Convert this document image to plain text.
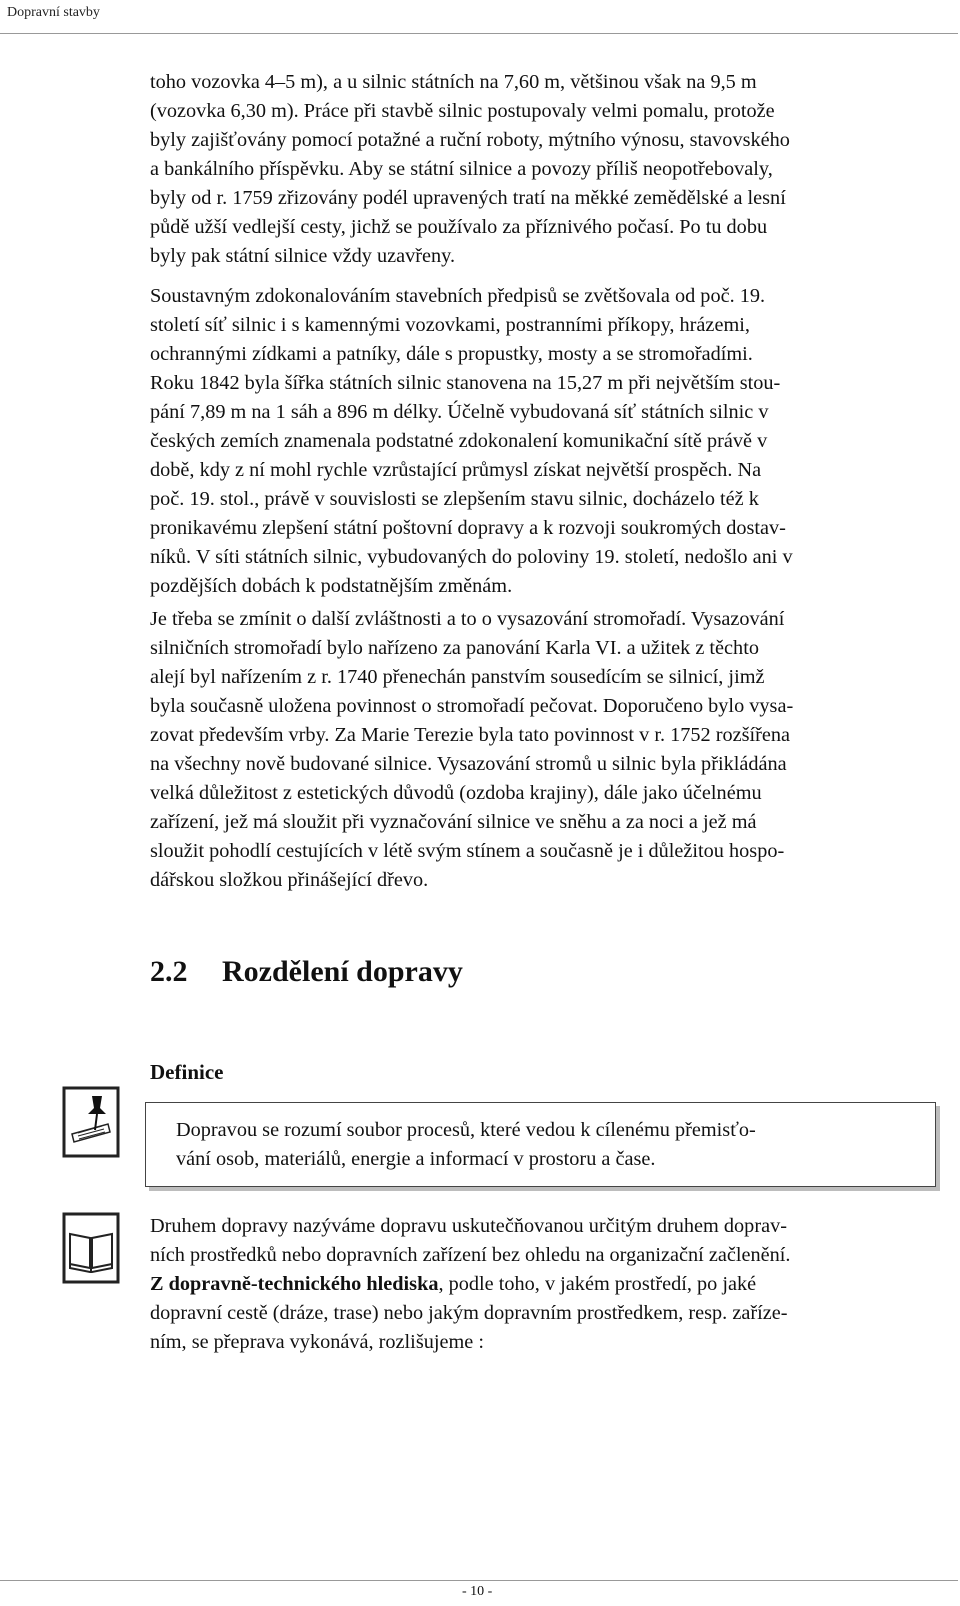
Dopravní stavby
toho vozovka 4–5 m), a u silnic státních na 7,60 m, většinou však na 9,5 m
(vozovka 6,30 m). Práce při stavbě silnic postupovaly velmi pomalu, protože
byly zajišťovány pomocí potažné a ruční roboty, mýtního výnosu, stavovského
a bankálního příspěvku. Aby se státní silnice a povozy příliš neopotřebovaly,
byly od r. 1759 zřizovány podél upravených tratí na měkké zemědělské a lesní
půdě užší vedlejší cesty, jichž se používalo za příznivého počasí. Po tu dobu
byly pak státní silnice vždy uzavřeny.
Soustavným zdokonalováním stavebních předpisů se zvětšovala od poč. 19.
století síť silnic i s kamennými vozovkami, postranními příkopy, hrázemi,
ochrannými zídkami a patníky, dále s propustky, mosty a se stromořadími.
Roku 1842 byla šířka státních silnic stanovena na 15,27 m při největším stou-
pání 7,89 m na 1 sáh a 896 m délky. Účelně vybudovaná síť státních silnic v
českých zemích znamenala podstatné zdokonalení komunikační sítě právě v
době, kdy z ní mohl rychle vzrůstající průmysl získat největší prospěch. Na
poč. 19. stol., právě v souvislosti se zlepšením stavu silnic, docházelo též k
pronikavému zlepšení státní poštovní dopravy a k rozvoji soukromých dostav-
níků. V síti státních silnic, vybudovaných do poloviny 19. století, nedošlo ani v
pozdějších dobách k podstatnějším změnám.
Je třeba se zmínit o další zvláštnosti a to o vysazování stromořadí. Vysazování
silničních stromořadí bylo nařízeno za panování Karla VI. a užitek z těchto
alejí byl nařízením z r. 1740 přenechán panstvím sousedícím se silnicí, jimž
byla současně uložena povinnost o stromořadí pečovat. Doporučeno bylo vysa-
zovat především vrby. Za Marie Terezie byla tato povinnost v r. 1752 rozšířena
na všechny nově budované silnice. Vysazování stromů u silnic byla přikládána
velká důležitost z estetických důvodů (ozdoba krajiny), dále jako účelnému
zařízení, jež má sloužit při vyznačování silnice ve sněhu a za noci a jež má
sloužit pohodlí cestujících v létě svým stínem a současně je i důležitou hospo-
dářskou složkou přinášející dřevo.
2.2 Rozdělení dopravy
Definice
Dopravou se rozumí soubor procesů, které vedou k cílenému přemisťo-
vání osob, materiálů, energie a informací v prostoru a čase.
Druhem dopravy nazýváme dopravu uskutečňovanou určitým druhem doprav-
ních prostředků nebo dopravních zařízení bez ohledu na organizační začlenění.
Z dopravně-technického hlediska, podle toho, v jakém prostředí, po jaké
dopravní cestě (dráze, trase) nebo jakým dopravním prostředkem, resp. zaříze-
ním, se přeprava vykonává, rozlišujeme :
- 10 -
